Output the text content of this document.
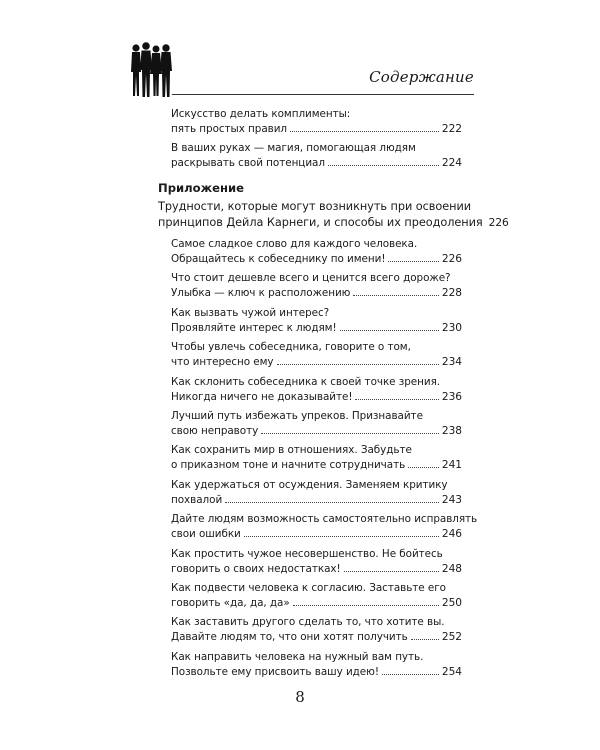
Содержание
Искусство делать комплименты:
пять простых правил	222
В ваших руках — магия, помогающая людям
раскрывать свой потенциал	224
Приложение
Трудности, которые могут возникнуть при освоении
принципов Дейла Карнеги, и способы их преодоления 226
Самое сладкое слово для каждого человека.
Обращайтесь к собеседнику по имени!	226
Что стоит дешевле всего и ценится всего дороже?
Улыбка — ключ к расположению	228
Как вызвать чужой интерес?
Проявляйте интерес к людям!	230
Чтобы увлечь собеседника, говорите о том,
что интересно ему	234
Как склонить собеседника к своей точке зрения.
Никогда ничего не доказывайте!	236
Лучший путь избежать упреков. Признавайте
свою неправоту	238
Как сохранить мир в отношениях. Забудьте
о приказном тоне и начните сотрудничать	241
Как удержаться от осуждения. Заменяем критику
похвалой	243
Дайте людям возможность самостоятельно исправлять
свои ошибки	246
Как простить чужое несовершенство. Не бойтесь
говорить о своих недостатках!	248
Как подвести человека к согласию. Заставьте его
говорить «да, да, да»	250
Как заставить другого сделать то, что хотите вы.
Давайте людям то, что они хотят получить	252
Как направить человека на нужный вам путь.
Позвольте ему присвоить вашу идею!	254
8
